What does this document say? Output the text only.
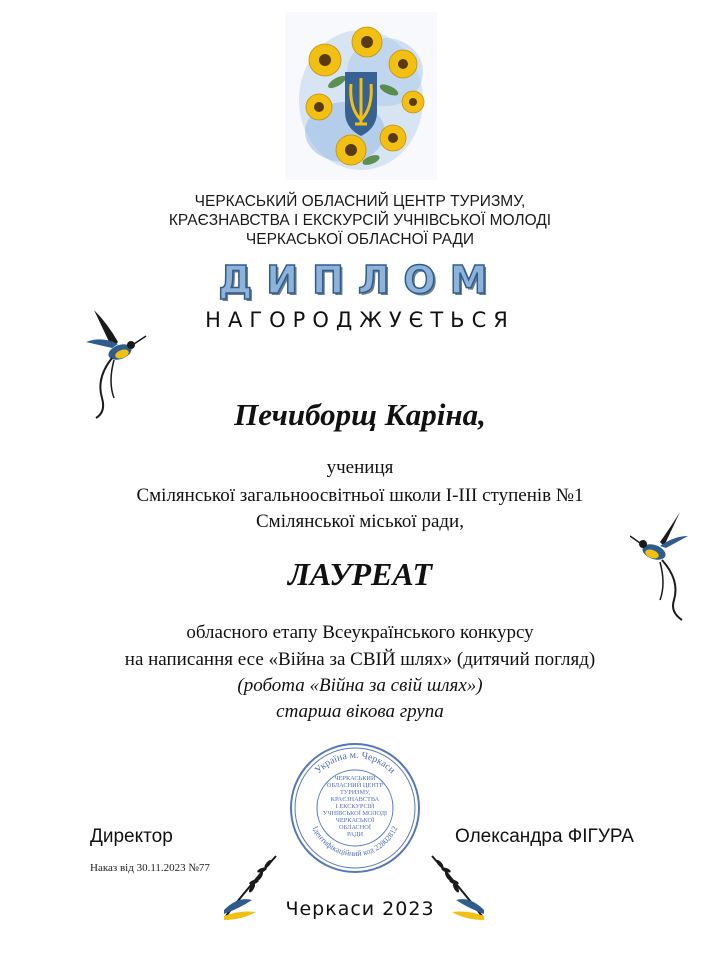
ЧЕРКАСЬКИЙ ОБЛАСНИЙ ЦЕНТР ТУРИЗМУ,
КРАЄЗНАВСТВА І ЕКСКУРСІЙ УЧНІВСЬКОЇ МОЛОДІ
ЧЕРКАСЬКОЇ ОБЛАСНОЇ РАДИ
ДИПЛОМ
НАГОРОДЖУЄТЬСЯ
Печиборщ Каріна,
учениця
Смілянської загальноосвітньої школи І-ІІІ ступенів №1
Смілянської міської ради,
ЛАУРЕАТ
обласного етапу Всеукраїнського конкурсу
на написання есе «Війна за СВІЙ шлях» (дитячий погляд)
(робота «Війна за свій шлях»)
старша вікова група
Україна м. Черкаси
Ідентифікаційний код 22802812
ЧЕРКАСЬКИЙ
ОБЛАСНИЙ ЦЕНТР
ТУРИЗМУ,
КРАЄЗНАВСТВА
І ЕКСКУРСІЙ
УЧНІВСЬКОЇ МОЛОДІ
ЧЕРКАСЬКОЇ
ОБЛАСНОЇ
РАДИ
Директор	Олександра ФІГУРА
Наказ від 30.11.2023 №77
Черкаси 2023
